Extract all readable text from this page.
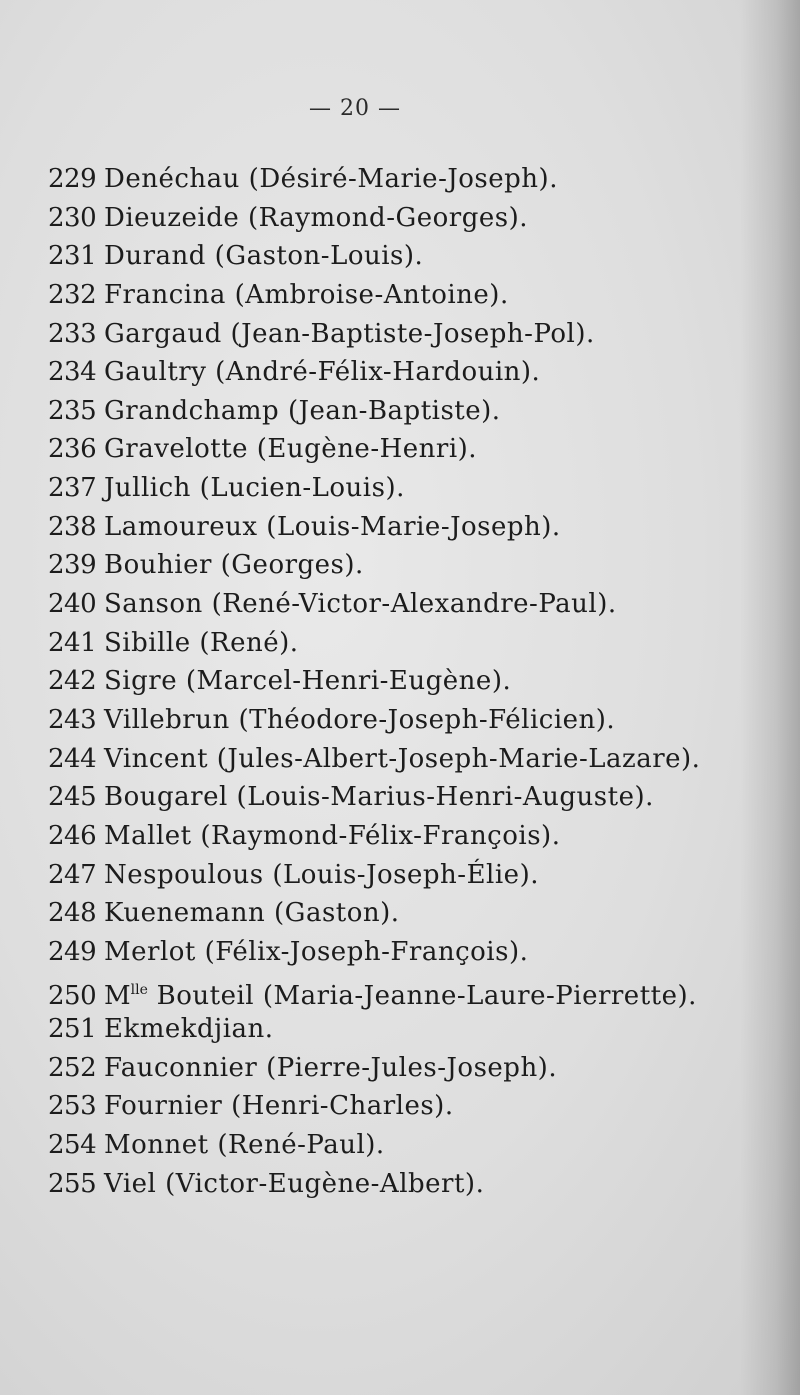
— 20 —
229 Denéchau (Désiré-Marie-Joseph).
230 Dieuzeide (Raymond-Georges).
231 Durand (Gaston-Louis).
232 Francina (Ambroise-Antoine).
233 Gargaud (Jean-Baptiste-Joseph-Pol).
234 Gaultry (André-Félix-Hardouin).
235 Grandchamp (Jean-Baptiste).
236 Gravelotte (Eugène-Henri).
237 Jullich (Lucien-Louis).
238 Lamoureux (Louis-Marie-Joseph).
239 Bouhier (Georges).
240 Sanson (René-Victor-Alexandre-Paul).
241 Sibille (René).
242 Sigre (Marcel-Henri-Eugène).
243 Villebrun (Théodore-Joseph-Félicien).
244 Vincent (Jules-Albert-Joseph-Marie-Lazare).
245 Bougarel (Louis-Marius-Henri-Auguste).
246 Mallet (Raymond-Félix-François).
247 Nespoulous (Louis-Joseph-Élie).
248 Kuenemann (Gaston).
249 Merlot (Félix-Joseph-François).
250 $M^{lle}$ Bouteil (Maria-Jeanne-Laure-Pierrette).
251 Ekmekdjian.
252 Fauconnier (Pierre-Jules-Joseph).
253 Fournier (Henri-Charles).
254 Monnet (René-Paul).
255 Viel (Victor-Eugène-Albert).
